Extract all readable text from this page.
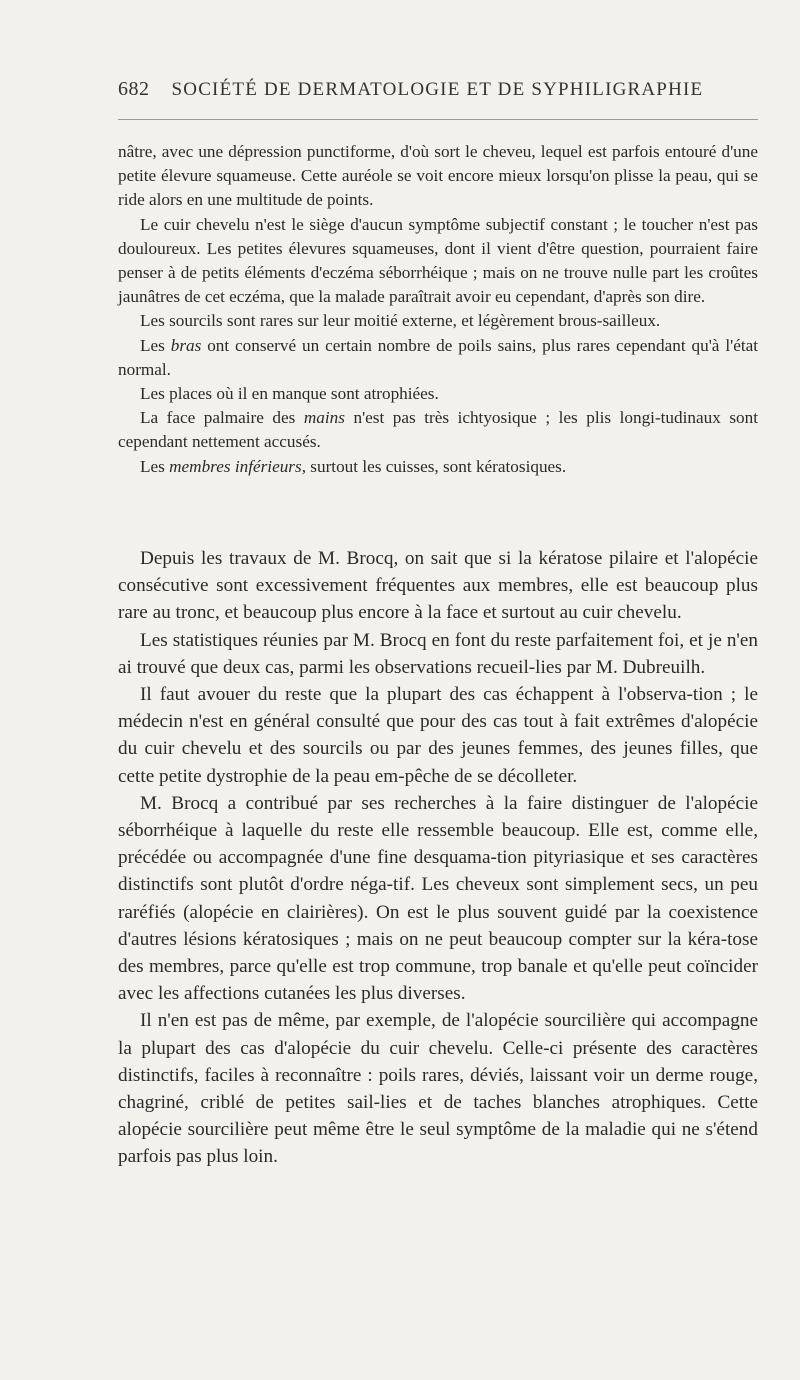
682 SOCIÉTÉ DE DERMATOLOGIE ET DE SYPHILIGRAPHIE

nâtre, avec une dépression punctiforme, d'où sort le cheveu, lequel est parfois entouré d'une petite élevure squameuse. Cette auréole se voit encore mieux lorsqu'on plisse la peau, qui se ride alors en une multitude de points.

Le cuir chevelu n'est le siège d'aucun symptôme subjectif constant ; le toucher n'est pas douloureux. Les petites élevures squameuses, dont il vient d'être question, pourraient faire penser à de petits éléments d'eczéma séborrhéique ; mais on ne trouve nulle part les croûtes jaunâtres de cet eczéma, que la malade paraîtrait avoir eu cependant, d'après son dire.

Les sourcils sont rares sur leur moitié externe, et légèrement brous-sailleux.

Les bras ont conservé un certain nombre de poils sains, plus rares cependant qu'à l'état normal.

Les places où il en manque sont atrophiées.

La face palmaire des mains n'est pas très ichtyosique ; les plis longi-tudinaux sont cependant nettement accusés.

Les membres inférieurs, surtout les cuisses, sont kératosiques.

Depuis les travaux de M. Brocq, on sait que si la kératose pilaire et l'alopécie consécutive sont excessivement fréquentes aux membres, elle est beaucoup plus rare au tronc, et beaucoup plus encore à la face et surtout au cuir chevelu.

Les statistiques réunies par M. Brocq en font du reste parfaitement foi, et je n'en ai trouvé que deux cas, parmi les observations recueil-lies par M. Dubreuilh.

Il faut avouer du reste que la plupart des cas échappent à l'observa-tion ; le médecin n'est en général consulté que pour des cas tout à fait extrêmes d'alopécie du cuir chevelu et des sourcils ou par des jeunes femmes, des jeunes filles, que cette petite dystrophie de la peau em-pêche de se décolleter.

M. Brocq a contribué par ses recherches à la faire distinguer de l'alopécie séborrhéique à laquelle du reste elle ressemble beaucoup. Elle est, comme elle, précédée ou accompagnée d'une fine desquama-tion pityriasique et ses caractères distinctifs sont plutôt d'ordre néga-tif. Les cheveux sont simplement secs, un peu raréfiés (alopécie en clairières). On est le plus souvent guidé par la coexistence d'autres lésions kératosiques ; mais on ne peut beaucoup compter sur la kéra-tose des membres, parce qu'elle est trop commune, trop banale et qu'elle peut coïncider avec les affections cutanées les plus diverses.

Il n'en est pas de même, par exemple, de l'alopécie sourcilière qui accompagne la plupart des cas d'alopécie du cuir chevelu. Celle-ci présente des caractères distinctifs, faciles à reconnaître : poils rares, déviés, laissant voir un derme rouge, chagriné, criblé de petites sail-lies et de taches blanches atrophiques. Cette alopécie sourcilière peut même être le seul symptôme de la maladie qui ne s'étend parfois pas plus loin.
